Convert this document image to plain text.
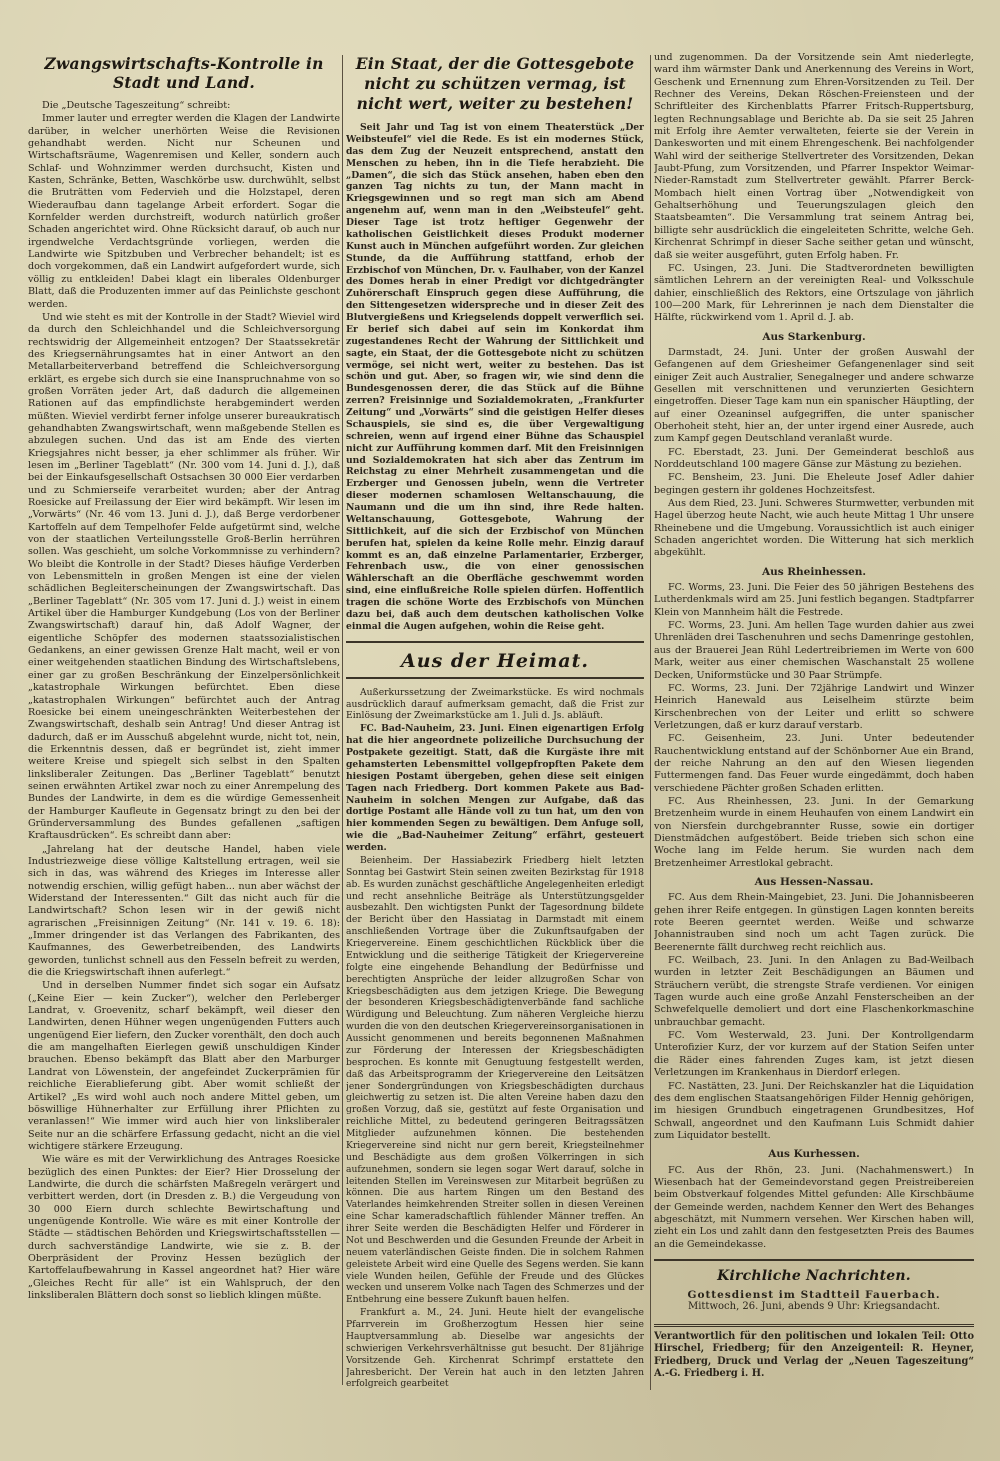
Zwangswirtschafts-Kontrolle in Stadt und Land.

Die „Deutsche Tageszeitung“ schreibt:

Immer lauter und erregter werden die Klagen der Landwirte darüber, in welcher unerhörten Weise die Revisionen gehandhabt werden. Nicht nur Scheunen und Wirtschaftsräume, Wagenremisen und Keller, sondern auch Schlaf- und Wohnzimmer werden durchsucht, Kisten und Kasten, Schränke, Betten, Waschkörbe usw. durchwühlt, selbst die Bruträtten vom Federvieh und die Holzstapel, deren Wiederaufbau dann tagelange Arbeit erfordert. Sogar die Kornfelder werden durchstreift, wodurch natürlich großer Schaden angerichtet wird. Ohne Rücksicht darauf, ob auch nur irgendwelche Verdachtsgründe vorliegen, werden die Landwirte wie Spitzbuben und Verbrecher behandelt; ist es doch vorgekommen, daß ein Landwirt aufgefordert wurde, sich völlig zu entkleiden! Dabei klagt ein liberales Oldenburger Blatt, daß die Produzenten immer auf das Peinlichste geschont werden.

Und wie steht es mit der Kontrolle in der Stadt? Wieviel wird da durch den Schleichhandel und die Schleichversorgung rechtswidrig der Allgemeinheit entzogen? Der Staatssekretär des Kriegsernährungsamtes hat in einer Antwort an den Metallarbeiterverband betreffend die Schleichversorgung erklärt, es ergebe sich durch sie eine Inanspruchnahme von so großen Vorräten jeder Art, daß dadurch die allgemeinen Rationen auf das empfindlichste herabgemindert werden müßten. Wieviel verdirbt ferner infolge unserer bureaukratisch gehandhabten Zwangswirtschaft, wenn maßgebende Stellen es abzulegen suchen. Und das ist am Ende des vierten Kriegsjahres nicht besser, ja eher schlimmer als früher. Wir lesen im „Berliner Tageblatt“ (Nr. 300 vom 14. Juni d. J.), daß bei der Einkaufsgesellschaft Ostsachsen 30 000 Eier verdarben und zu Schmierseife verarbeitet wurden; aber der Antrag Roesicke auf Freilassung der Eier wird bekämpft. Wir lesen im „Vorwärts“ (Nr. 46 vom 13. Juni d. J.), daß Berge verdorbener Kartoffeln auf dem Tempelhofer Felde aufgetürmt sind, welche von der staatlichen Verteilungsstelle Groß-Berlin herrühren sollen. Was geschieht, um solche Vorkommnisse zu verhindern? Wo bleibt die Kontrolle in der Stadt? Dieses häufige Verderben von Lebensmitteln in großen Mengen ist eine der vielen schädlichen Begleiterscheinungen der Zwangswirtschaft. Das „Berliner Tageblatt“ (Nr. 305 vom 17. Juni d. J.) weist in einem Artikel über die Hamburger Kundgebung (Los von der Berliner Zwangswirtschaft) darauf hin, daß Adolf Wagner, der eigentliche Schöpfer des modernen staatssozialistischen Gedankens, an einer gewissen Grenze Halt macht, weil er von einer weitgehenden staatlichen Bindung des Wirtschaftslebens, einer gar zu großen Beschränkung der Einzelpersönlichkeit „katastrophale Wirkungen befürchtet. Eben diese „katastrophalen Wirkungen“ befürchtet auch der Antrag Roesicke bei einem uneingeschränkten Weiterbestehen der Zwangswirtschaft, deshalb sein Antrag! Und dieser Antrag ist dadurch, daß er im Ausschuß abgelehnt wurde, nicht tot, nein, die Erkenntnis dessen, daß er begründet ist, zieht immer weitere Kreise und spiegelt sich selbst in den Spalten linksliberaler Zeitungen. Das „Berliner Tageblatt“ benutzt seinen erwähnten Artikel zwar noch zu einer Anrempelung des Bundes der Landwirte, in dem es die würdige Gemessenheit der Hamburger Kaufleute in Gegensatz bringt zu den bei der Gründerversammlung des Bundes gefallenen „saftigen Kraftausdrücken“. Es schreibt dann aber:

„Jahrelang hat der deutsche Handel, haben viele Industriezweige diese völlige Kaltstellung ertragen, weil sie sich in das, was während des Krieges im Interesse aller notwendig erschien, willig gefügt haben... nun aber wächst der Widerstand der Interessenten.“ Gilt das nicht auch für die Landwirtschaft? Schon lesen wir in der gewiß nicht agrarischen „Freisinnigen Zeitung“ (Nr. 141 v. 19. 6. 18): „Immer dringender ist das Verlangen des Fabrikanten, des Kaufmannes, des Gewerbetreibenden, des Landwirts geworden, tunlichst schnell aus den Fesseln befreit zu werden, die die Kriegswirtschaft ihnen auferlegt.“

Und in derselben Nummer findet sich sogar ein Aufsatz („Keine Eier — kein Zucker“), welcher den Perleberger Landrat, v. Groevenitz, scharf bekämpft, weil dieser den Landwirten, denen Hühner wegen ungenügenden Futters auch ungenügend Eier liefern, den Zucker vorenthält, den doch auch die am mangelhaften Eierlegen gewiß unschuldigen Kinder brauchen. Ebenso bekämpft das Blatt aber den Marburger Landrat von Löwenstein, der angefeindet Zuckerprämien für reichliche Eierablieferung gibt. Aber womit schließt der Artikel? „Es wird wohl auch noch andere Mittel geben, um böswillige Hühnerhalter zur Erfüllung ihrer Pflichten zu veranlassen!“ Wie immer wird auch hier von linksliberaler Seite nur an die schärfere Erfassung gedacht, nicht an die viel wichtigere stärkere Erzeugung.

Wie wäre es mit der Verwirklichung des Antrages Roesicke bezüglich des einen Punktes: der Eier? Hier Drosselung der Landwirte, die durch die schärfsten Maßregeln verärgert und verbittert werden, dort (in Dresden z. B.) die Vergeudung von 30 000 Eiern durch schlechte Bewirtschaftung und ungenügende Kontrolle. Wie wäre es mit einer Kontrolle der Städte — städtischen Behörden und Kriegswirtschaftsstellen — durch sachverständige Landwirte, wie sie z. B. der Oberpräsident der Provinz Hessen bezüglich der Kartoffelaufbewahrung in Kassel angeordnet hat? Hier wäre „Gleiches Recht für alle“ ist ein Wahlspruch, der den linksliberalen Blättern doch sonst so lieblich klingen müßte.

Ein Staat, der die Gottesgebote nicht zu schützen vermag, ist nicht wert, weiter zu bestehen!

Seit Jahr und Tag ist von einem Theaterstück „Der Weibsteufel“ viel die Rede. Es ist ein modernes Stück, das dem Zug der Neuzeit entsprechend, anstatt den Menschen zu heben, ihn in die Tiefe herabzieht. Die „Damen“, die sich das Stück ansehen, haben eben den ganzen Tag nichts zu tun, der Mann macht in Kriegsgewinnen und so regt man sich am Abend angenehm auf, wenn man in den „Weibsteufel“ geht. Dieser Tage ist trotz heftiger Gegenwehr der katholischen Geistlichkeit dieses Produkt moderner Kunst auch in München aufgeführt worden. Zur gleichen Stunde, da die Aufführung stattfand, erhob der Erzbischof von München, Dr. v. Faulhaber, von der Kanzel des Domes herab in einer Predigt vor dichtgedrängter Zuhörerschaft Einspruch gegen diese Aufführung, die den Sittengesetzen widerspreche und in dieser Zeit des Blutvergießens und Kriegselends doppelt verwerflich sei. Er berief sich dabei auf sein im Konkordat ihm zugestandenes Recht der Wahrung der Sittlichkeit und sagte, ein Staat, der die Gottesgebote nicht zu schützen vermöge, sei nicht wert, weiter zu bestehen. Das ist schön und gut. Aber, so fragen wir, wie sind denn die Bundesgenossen derer, die das Stück auf die Bühne zerren? Freisinnige und Sozialdemokraten, „Frankfurter Zeitung“ und „Vorwärts“ sind die geistigen Helfer dieses Schauspiels, sie sind es, die über Vergewaltigung schreien, wenn auf irgend einer Bühne das Schauspiel nicht zur Aufführung kommen darf. Mit den Freisinnigen und Sozialdemokraten hat sich aber das Zentrum im Reichstag zu einer Mehrheit zusammengetan und die Erzberger und Genossen jubeln, wenn die Vertreter dieser modernen schamlosen Weltanschauung, die Naumann und die um ihn sind, ihre Rede halten. Weltanschauung, Gottesgebote, Wahrung der Sittlichkeit, auf die sich der Erzbischof von München berufen hat, spielen da keine Rolle mehr. Einzig darauf kommt es an, daß einzelne Parlamentarier, Erzberger, Fehrenbach usw., die von einer genossischen Wählerschaft an die Oberfläche geschwemmt worden sind, eine einflußreiche Rolle spielen dürfen. Hoffentlich tragen die schöne Worte des Erzbischofs von München dazu bei, daß auch dem deutschen katholischen Volke einmal die Augen aufgehen, wohin die Reise geht.

Aus der Heimat.

Außerkurssetzung der Zweimarkstücke. Es wird nochmals ausdrücklich darauf aufmerksam gemacht, daß die Frist zur Einlösung der Zweimarkstücke am 1. Juli d. Js. abläuft.

FC. Bad-Nauheim, 23. Juni. Einen eigenartigen Erfolg hat die hier angeordnete polizeiliche Durchsuchung der Postpakete gezeitigt. Statt, daß die Kurgäste ihre mit gehamsterten Lebensmittel vollgepfropften Pakete dem hiesigen Postamt übergeben, gehen diese seit einigen Tagen nach Friedberg. Dort kommen Pakete aus Bad-Nauheim in solchen Mengen zur Aufgabe, daß das dortige Postamt alle Hände voll zu tun hat, um den von hier kommenden Segen zu bewältigen. Dem Anfuge soll, wie die „Bad-Nauheimer Zeitung“ erfährt, gesteuert werden.

Beienheim. Der Hassiabezirk Friedberg hielt letzten Sonntag bei Gastwirt Stein seinen zweiten Bezirkstag für 1918 ab. Es wurden zunächst geschäftliche Angelegenheiten erledigt und recht ansehnliche Beiträge als Unterstützungsgelder ausbezahlt. Den wichtigsten Punkt der Tagesordnung bildete der Bericht über den Hassiatag in Darmstadt mit einem anschließenden Vortrage über die Zukunftsaufgaben der Kriegervereine. Einem geschichtlichen Rückblick über die Entwicklung und die seitherige Tätigkeit der Kriegervereine folgte eine eingehende Behandlung der Bedürfnisse und berechtigten Ansprüche der leider allzugroßen Schar von Kriegsbeschädigten aus dem jetzigen Kriege. Die Bewegung der besonderen Kriegsbeschädigtenverbände fand sachliche Würdigung und Beleuchtung. Zum näheren Vergleiche hierzu wurden die von den deutschen Kriegervereinsorganisationen in Aussicht genommenen und bereits begonnenen Maßnahmen zur Förderung der Interessen der Kriegsbeschädigten besprochen. Es konnte mit Genugtuung festgestellt werden, daß das Arbeitsprogramm der Kriegervereine den Leitsätzen jener Sondergründungen von Kriegsbeschädigten durchaus gleichwertig zu setzen ist. Die alten Vereine haben dazu den großen Vorzug, daß sie, gestützt auf feste Organisation und reichliche Mittel, zu bedeutend geringeren Beitragssätzen Mitglieder aufzunehmen können. Die bestehenden Kriegervereine sind nicht nur gern bereit, Kriegsteilnehmer und Beschädigte aus dem großen Völkerringen in sich aufzunehmen, sondern sie legen sogar Wert darauf, solche in leitenden Stellen im Vereinswesen zur Mitarbeit begrüßen zu können. Die aus hartem Ringen um den Bestand des Vaterlandes heimkehrenden Streiter sollen in diesen Vereinen eine Schar kameradschaftlich fühlender Männer treffen. An ihrer Seite werden die Beschädigten Helfer und Förderer in Not und Beschwerden und die Gesunden Freunde der Arbeit in neuem vaterländischen Geiste finden. Die in solchem Rahmen geleistete Arbeit wird eine Quelle des Segens werden. Sie kann viele Wunden heilen, Gefühle der Freude und des Glückes wecken und unserem Volke nach Tagen des Schmerzes und der Entbehrung eine bessere Zukunft bauen helfen.

Frankfurt a. M., 24. Juni. Heute hielt der evangelische Pfarrverein im Großherzogtum Hessen hier seine Hauptversammlung ab. Dieselbe war angesichts der schwierigen Verkehrsverhältnisse gut besucht. Der 81jährige Vorsitzende Geh. Kirchenrat Schrimpf erstattete den Jahresbericht. Der Verein hat auch in den letzten Jahren erfolgreich gearbeitet

und zugenommen. Da der Vorsitzende sein Amt niederlegte, ward ihm wärmster Dank und Anerkennung des Vereins in Wort, Geschenk und Ernennung zum Ehren-Vorsitzenden zu Teil. Der Rechner des Vereins, Dekan Röschen-Freiensteen und der Schriftleiter des Kirchenblatts Pfarrer Fritsch-Ruppertsburg, legten Rechnungsablage und Berichte ab. Da sie seit 25 Jahren mit Erfolg ihre Aemter verwalteten, feierte sie der Verein in Dankesworten und mit einem Ehrengeschenk. Bei nachfolgender Wahl wird der seitherige Stellvertreter des Vorsitzenden, Dekan Jaubt-Pfung, zum Vorsitzenden, und Pfarrer Inspektor Weimar-Nieder-Ramstadt zum Stellvertreter gewählt. Pfarrer Berck-Mombach hielt einen Vortrag über „Notwendigkeit von Gehaltserhöhung und Teuerungszulagen gleich den Staatsbeamten“. Die Versammlung trat seinem Antrag bei, billigte sehr ausdrücklich die eingeleiteten Schritte, welche Geh. Kirchenrat Schrimpf in dieser Sache seither getan und wünscht, daß sie weiter ausgeführt, guten Erfolg haben. Fr.

FC. Usingen, 23. Juni. Die Stadtverordneten bewilligten sämtlichen Lehrern an der vereinigten Real- und Volksschule dahier, einschließlich des Rektors, eine Ortszulage von jährlich 100—200 Mark, für Lehrerinnen je nach dem Dienstalter die Hälfte, rückwirkend vom 1. April d. J. ab.

Aus Starkenburg.

Darmstadt, 24. Juni. Unter der großen Auswahl der Gefangenen auf dem Griesheimer Gefangenenlager sind seit einiger Zeit auch Australier, Senegalneger und andere schwarze Gesellen mit verschnittenen und verunzierten Gesichtern eingetroffen. Dieser Tage kam nun ein spanischer Häuptling, der auf einer Ozeaninsel aufgegriffen, die unter spanischer Oberhoheit steht, hier an, der unter irgend einer Ausrede, auch zum Kampf gegen Deutschland veranlaßt wurde.

FC. Eberstadt, 23. Juni. Der Gemeinderat beschloß aus Norddeutschland 100 magere Gänse zur Mästung zu beziehen.

FC. Bensheim, 23. Juni. Die Eheleute Josef Adler dahier begingen gestern ihr goldenes Hochzeitsfest.

Aus dem Ried, 23. Juni. Schweres Sturmwetter, verbunden mit Hagel überzog heute Nacht, wie auch heute Mittag 1 Uhr unsere Rheinebene und die Umgebung. Voraussichtlich ist auch einiger Schaden angerichtet worden. Die Witterung hat sich merklich abgekühlt.

Aus Rheinhessen.

FC. Worms, 23. Juni. Die Feier des 50 jährigen Bestehens des Lutherdenkmals wird am 25. Juni festlich begangen. Stadtpfarrer Klein von Mannheim hält die Festrede.

FC. Worms, 23. Juni. Am hellen Tage wurden dahier aus zwei Uhrenläden drei Taschenuhren und sechs Damenringe gestohlen, aus der Brauerei Jean Rühl Ledertreibriemen im Werte von 600 Mark, weiter aus einer chemischen Waschanstalt 25 wollene Decken, Uniformstücke und 30 Paar Strümpfe.

FC. Worms, 23. Juni. Der 72jährige Landwirt und Winzer Heinrich Hanewald aus Leiselheim stürzte beim Kirschenbrechen von der Leiter und erlitt so schwere Verletzungen, daß er kurz darauf verstarb.

FC. Geisenheim, 23. Juni. Unter bedeutender Rauchentwicklung entstand auf der Schönborner Aue ein Brand, der reiche Nahrung an den auf den Wiesen liegenden Futtermengen fand. Das Feuer wurde eingedämmt, doch haben verschiedene Pächter großen Schaden erlitten.

FC. Aus Rheinhessen, 23. Juni. In der Gemarkung Bretzenheim wurde in einem Heuhaufen von einem Landwirt ein von Niersfein durchgebrannter Russe, sowie ein dortiger Dienstmädchen aufgestöbert. Beide trieben sich schon eine Woche lang im Felde herum. Sie wurden nach dem Bretzenheimer Arrestlokal gebracht.

Aus Hessen-Nassau.

FC. Aus dem Rhein-Maingebiet, 23. Juni. Die Johannisbeeren gehen ihrer Reife entgegen. In günstigen Lagen konnten bereits rote Beeren geerntet werden. Weiße und schwarze Johannistrauben sind noch um acht Tagen zurück. Die Beerenernte fällt durchweg recht reichlich aus.

FC. Weilbach, 23. Juni. In den Anlagen zu Bad-Weilbach wurden in letzter Zeit Beschädigungen an Bäumen und Sträuchern verübt, die strengste Strafe verdienen. Vor einigen Tagen wurde auch eine große Anzahl Fensterscheiben an der Schwefelquelle demoliert und dort eine Flaschenkorkmaschine unbrauchbar gemacht.

FC. Vom Westerwald, 23. Juni. Der Kontrollgendarm Unterofizier Kurz, der vor kurzem auf der Station Seifen unter die Räder eines fahrenden Zuges kam, ist jetzt diesen Verletzungen im Krankenhaus in Dierdorf erlegen.

FC. Nastätten, 23. Juni. Der Reichskanzler hat die Liquidation des dem englischen Staatsangehörigen Filder Hennig gehörigen, im hiesigen Grundbuch eingetragenen Grundbesitzes, Hof Schwall, angeordnet und den Kaufmann Luis Schmidt dahier zum Liquidator bestellt.

Aus Kurhessen.

FC. Aus der Rhön, 23. Juni. (Nachahmenswert.) In Wiesenbach hat der Gemeindevorstand gegen Preistreibereien beim Obstverkauf folgendes Mittel gefunden: Alle Kirschbäume der Gemeinde werden, nachdem Kenner den Wert des Behanges abgeschätzt, mit Nummern versehen. Wer Kirschen haben will, zieht ein Los und zahlt dann den festgesetzten Preis des Baumes an die Gemeindekasse.

Kirchliche Nachrichten.
Gottesdienst im Stadtteil Fauerbach.
Mittwoch, 26. Juni, abends 9 Uhr: Kriegsandacht.
Verantwortlich für den politischen und lokalen Teil: Otto Hirschel, Friedberg; für den Anzeigenteil: R. Heyner, Friedberg, Druck und Verlag der „Neuen Tageszeitung“ A.-G. Friedberg i. H.
